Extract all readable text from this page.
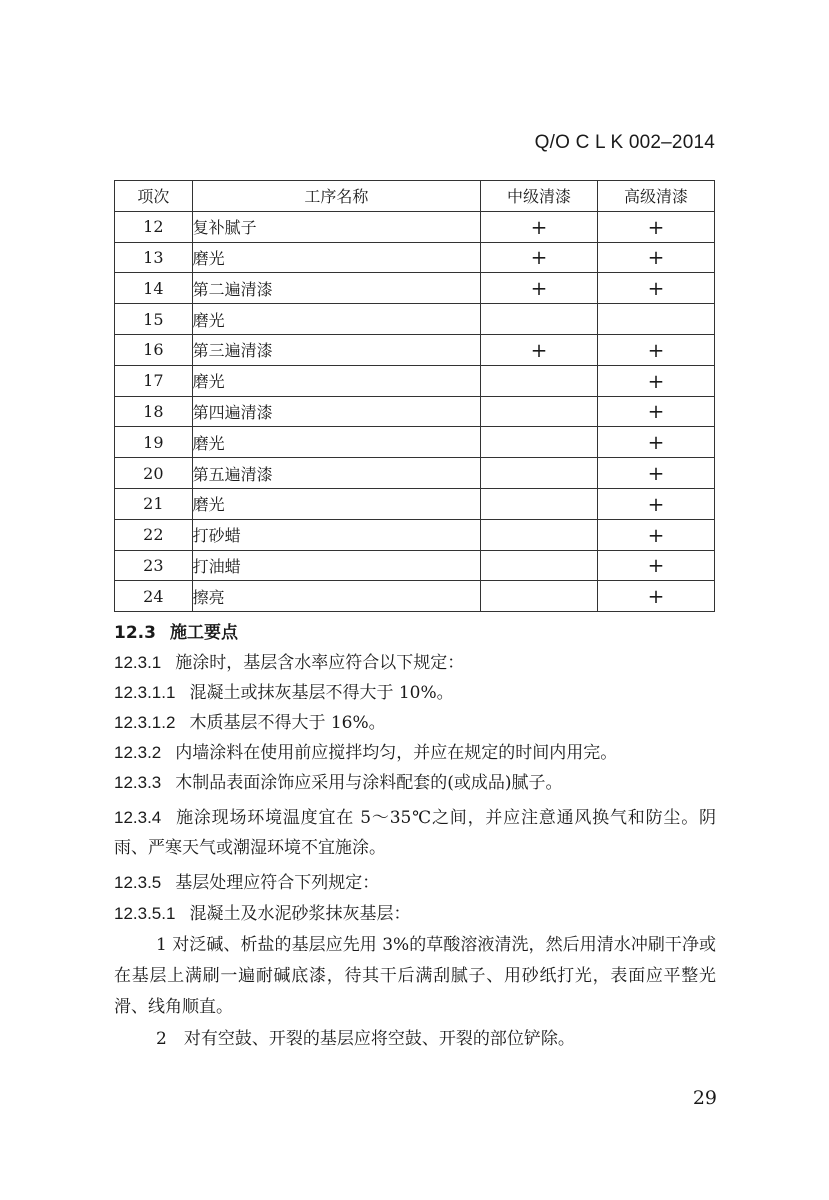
Q/O C L K 002–2014
项次	工序名称	中级清漆	高级清漆
12	复补腻子	+	+
13	磨光	+	+
14	第二遍清漆	+	+
15	磨光		
16	第三遍清漆	+	+
17	磨光		+
18	第四遍清漆		+
19	磨光		+
20	第五遍清漆		+
21	磨光		+
22	打砂蜡		+
23	打油蜡		+
24	擦亮		+
12.3 施工要点
12.3.1 施涂时，基层含水率应符合以下规定：
12.3.1.1 混凝土或抹灰基层不得大于 10%。
12.3.1.2 木质基层不得大于 16%。
12.3.2 内墙涂料在使用前应搅拌均匀，并应在规定的时间内用完。
12.3.3 木制品表面涂饰应采用与涂料配套的(或成品)腻子。
12.3.4 施涂现场环境温度宜在 5～35℃之间，并应注意通风换气和防尘。阴雨、严寒天气或潮湿环境不宜施涂。
12.3.5 基层处理应符合下列规定：
12.3.5.1 混凝土及水泥砂浆抹灰基层：
1 对泛碱、析盐的基层应先用 3%的草酸溶液清洗，然后用清水冲刷干净或在基层上满刷一遍耐碱底漆，待其干后满刮腻子、用砂纸打光，表面应平整光滑、线角顺直。
2　对有空鼓、开裂的基层应将空鼓、开裂的部位铲除。
29
